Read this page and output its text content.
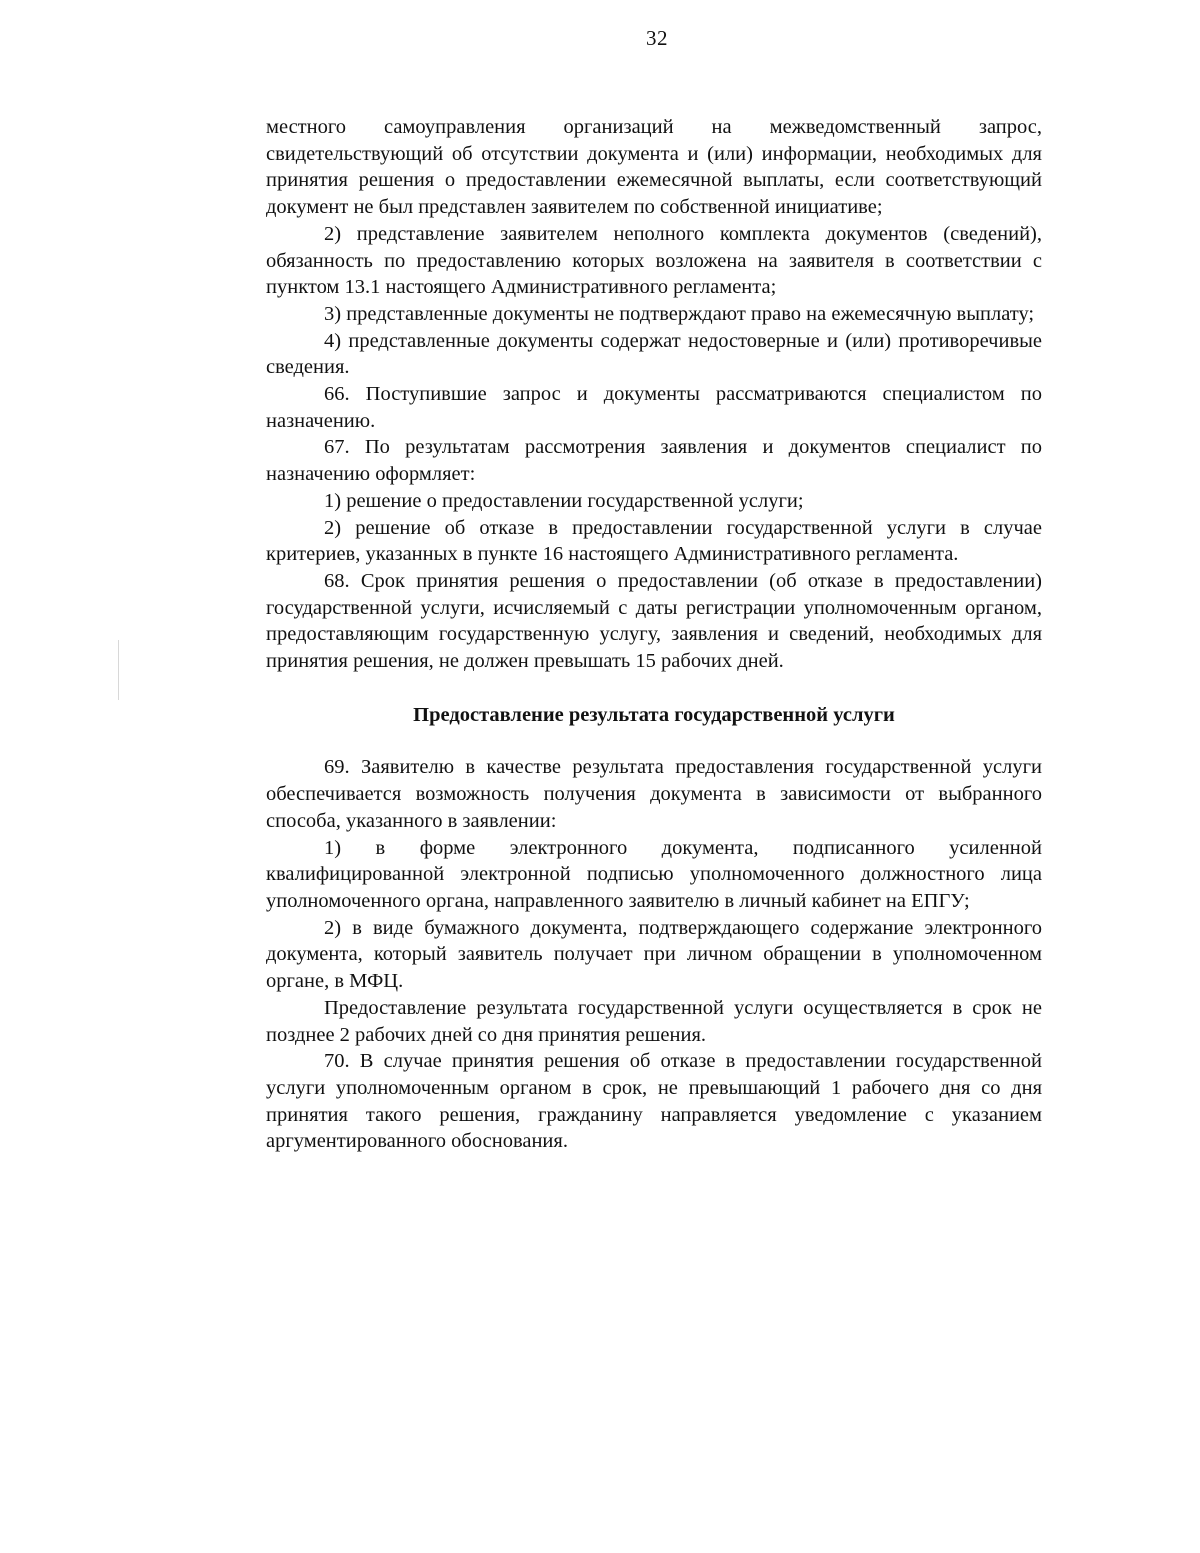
32

местного самоуправления организаций на межведомственный запрос, свидетельствующий об отсутствии документа и (или) информации, необходимых для принятия решения о предоставлении ежемесячной выплаты, если соответствующий документ не был представлен заявителем по собственной инициативе;

2) представление заявителем неполного комплекта документов (сведений), обязанность по предоставлению которых возложена на заявителя в соответствии с пунктом 13.1 настоящего Административного регламента;

3) представленные документы не подтверждают право на ежемесячную выплату;

4) представленные документы содержат недостоверные и (или) противоречивые сведения.

66. Поступившие запрос и документы рассматриваются специалистом по назначению.

67. По результатам рассмотрения заявления и документов специалист по назначению оформляет:

1) решение о предоставлении государственной услуги;

2) решение об отказе в предоставлении государственной услуги в случае критериев, указанных в пункте 16 настоящего Административного регламента.

68. Срок принятия решения о предоставлении (об отказе в предоставлении) государственной услуги, исчисляемый с даты регистрации уполномоченным органом, предоставляющим государственную услугу, заявления и сведений, необходимых для принятия решения, не должен превышать 15 рабочих дней.

Предоставление результата государственной услуги

69. Заявителю в качестве результата предоставления государственной услуги обеспечивается возможность получения документа в зависимости от выбранного способа, указанного в заявлении:

1) в форме электронного документа, подписанного усиленной квалифицированной электронной подписью уполномоченного должностного лица уполномоченного органа, направленного заявителю в личный кабинет на ЕПГУ;

2) в виде бумажного документа, подтверждающего содержание электронного документа, который заявитель получает при личном обращении в уполномоченном органе, в МФЦ.

Предоставление результата государственной услуги осуществляется в срок не позднее 2 рабочих дней со дня принятия решения.

70. В случае принятия решения об отказе в предоставлении государственной услуги уполномоченным органом в срок, не превышающий 1 рабочего дня со дня принятия такого решения, гражданину направляется уведомление с указанием аргументированного обоснования.
